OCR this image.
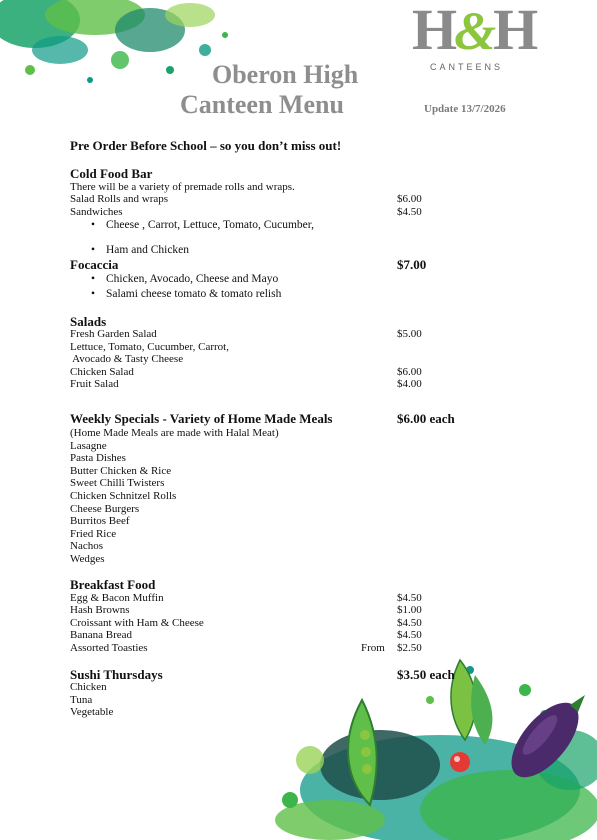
H&H
CANTEENS
Oberon High
Canteen Menu	Update 13/7/2026
Pre Order Before School – so you don’t miss out!
Cold Food Bar
There will be a variety of premade rolls and wraps.
Salad Rolls and wraps	$6.00
Sandwiches	$4.50
• Cheese , Carrot, Lettuce, Tomato, Cucumber,
• Ham and Chicken
Focaccia	$7.00
• Chicken, Avocado, Cheese and Mayo
• Salami cheese tomato & tomato relish
Salads
Fresh Garden Salad	$5.00
Lettuce, Tomato, Cucumber, Carrot,
Avocado & Tasty Cheese
Chicken Salad	$6.00
Fruit Salad	$4.00
Weekly Specials - Variety of Home Made Meals	$6.00 each
(Home Made Meals are made with Halal Meat)
Lasagne
Pasta Dishes
Butter Chicken & Rice
Sweet Chilli Twisters
Chicken Schnitzel Rolls
Cheese Burgers
Burritos Beef
Fried Rice
Nachos
Wedges
Breakfast Food
Egg & Bacon Muffin	$4.50
Hash Browns	$1.00
Croissant with Ham & Cheese	$4.50
Banana Bread	$4.50
Assorted Toasties	From $2.50
Sushi Thursdays	$3.50 each
Chicken
Tuna
Vegetable
